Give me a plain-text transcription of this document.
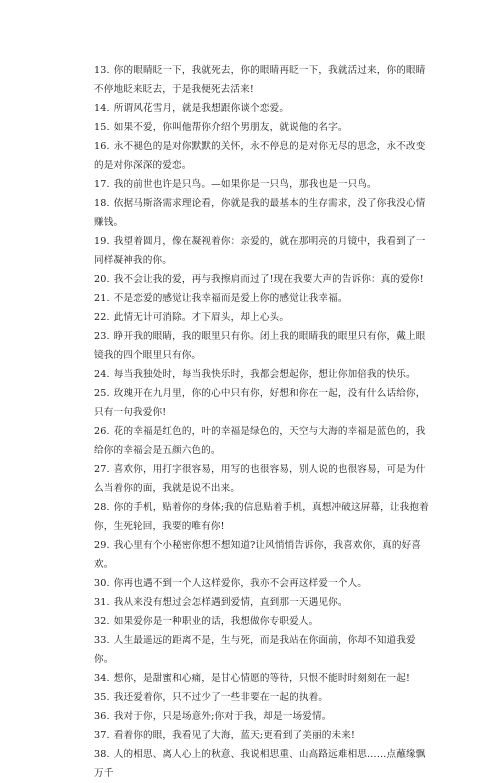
13. 你的眼睛眨一下，我就死去，你的眼睛再眨一下，我就活过来，你的眼睛不停地眨来眨去，于是我便死去活来!

14. 所谓风花雪月，就是我想跟你谈个恋爱。

15. 如果不爱，你叫他帮你介绍个男朋友，就说他的名字。

16. 永不褪色的是对你默默的关怀，永不停息的是对你无尽的思念，永不改变的是对你深深的爱恋。

17. 我的前世也许是只鸟。—如果你是一只鸟，那我也是一只鸟。

18. 依据马斯洛需求理论看，你就是我的最基本的生存需求，没了你我没心情赚钱。

19. 我望着圆月，像在凝视着你：亲爱的，就在那明亮的月镜中，我看到了一同样凝神我的你。

20. 我不会让我的爱，再与我擦肩而过了!现在我要大声的告诉你：真的爱你!

21. 不是恋爱的感觉让我幸福而是爱上你的感觉让我幸福。

22. 此情无计可消除。才下眉头，却上心头。

23. 睁开我的眼睛，我的眼里只有你。闭上我的眼睛我的眼里只有你，戴上眼镜我的四个眼里只有你。

24. 每当我独处时，每当我快乐时，我都会想起你，想让你加倍我的快乐。

25. 玫瑰开在九月里，你的心中只有你，好想和你在一起，没有什么话给你，只有一句我爱你!

26. 花的幸福是红色的，叶的幸福是绿色的，天空与大海的幸福是蓝色的，我给你的幸福会是五颜六色的。

27. 喜欢你，用打字很容易，用写的也很容易，别人说的也很容易，可是为什么当着你的面，我就是说不出来。

28. 你的手机，贴着你的身体;我的信息贴着手机，真想冲破这屏幕，让我抱着你，生死轮回，我要的唯有你!

29. 我心里有个小秘密你想不想知道?让风悄悄告诉你，我喜欢你，真的好喜欢。

30. 你再也遇不到一个人这样爱你，我亦不会再这样爱一个人。

31. 我从来没有想过会怎样遇到爱情，直到那一天遇见你。

32. 如果爱你是一种职业的话，我想做你专职爱人。

33. 人生最遥远的距离不是，生与死，而是我站在你面前，你却不知道我爱你。

34. 想你，是甜蜜和心痛，是甘心情愿的等待，只恨不能时时刻刻在一起!

35. 我还爱着你，只不过少了一些非要在一起的执着。

36. 我对于你，只是场意外;你对于我，却是一场爱情。

37. 看着你的眼，我看见了大海，蓝天;更看到了美丽的未来!

38. 人的相思、离人心上的秋意、我说相思重、山高路远难相思……点蘸缘飘万千
